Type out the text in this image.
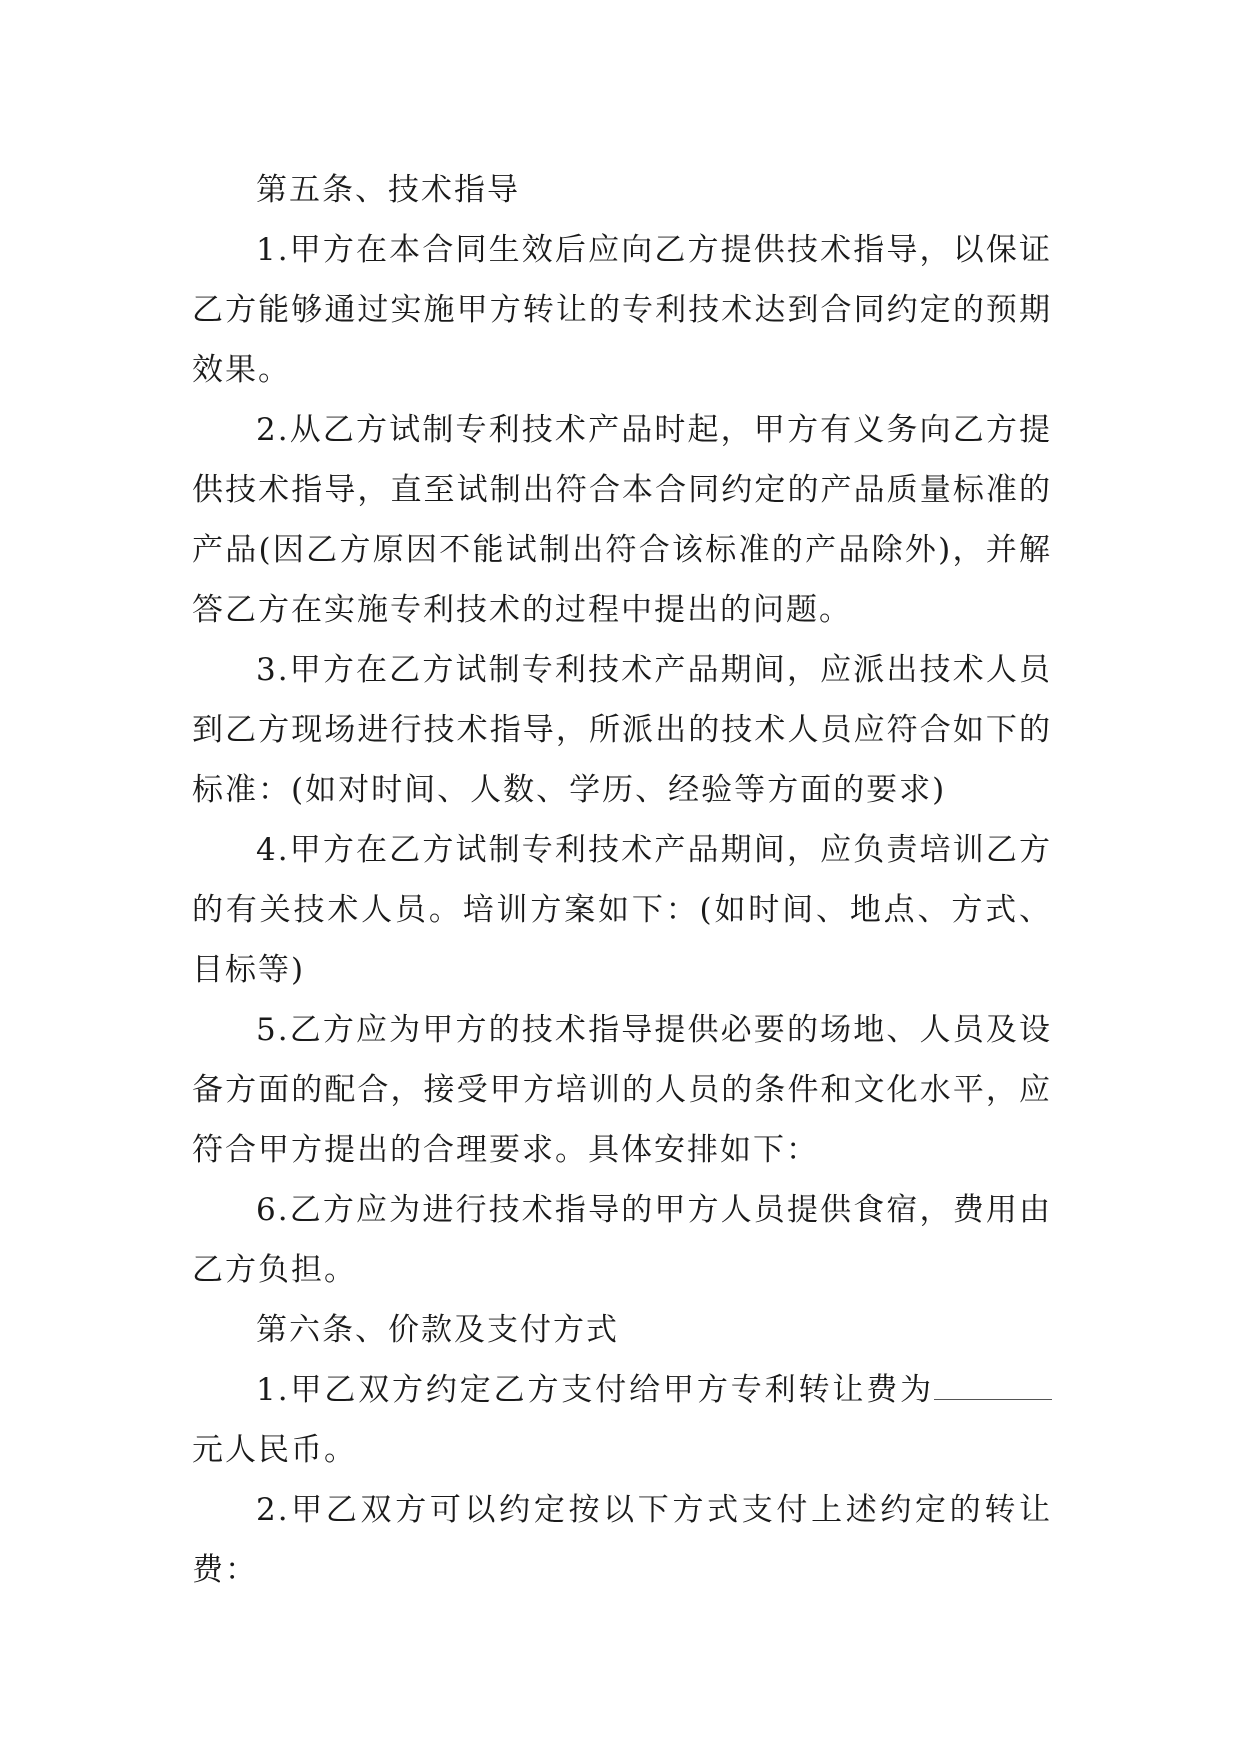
第五条、技术指导

1.甲方在本合同生效后应向乙方提供技术指导，以保证乙方能够通过实施甲方转让的专利技术达到合同约定的预期效果。

2.从乙方试制专利技术产品时起，甲方有义务向乙方提供技术指导，直至试制出符合本合同约定的产品质量标准的产品(因乙方原因不能试制出符合该标准的产品除外)，并解答乙方在实施专利技术的过程中提出的问题。

3.甲方在乙方试制专利技术产品期间，应派出技术人员到乙方现场进行技术指导，所派出的技术人员应符合如下的标准：(如对时间、人数、学历、经验等方面的要求)

4.甲方在乙方试制专利技术产品期间，应负责培训乙方的有关技术人员。培训方案如下：(如时间、地点、方式、目标等)

5.乙方应为甲方的技术指导提供必要的场地、人员及设备方面的配合，接受甲方培训的人员的条件和文化水平，应符合甲方提出的合理要求。具体安排如下：

6.乙方应为进行技术指导的甲方人员提供食宿，费用由乙方负担。

第六条、价款及支付方式

1.甲乙双方约定乙方支付给甲方专利转让费为元人民币。

2.甲乙双方可以约定按以下方式支付上述约定的转让费：
